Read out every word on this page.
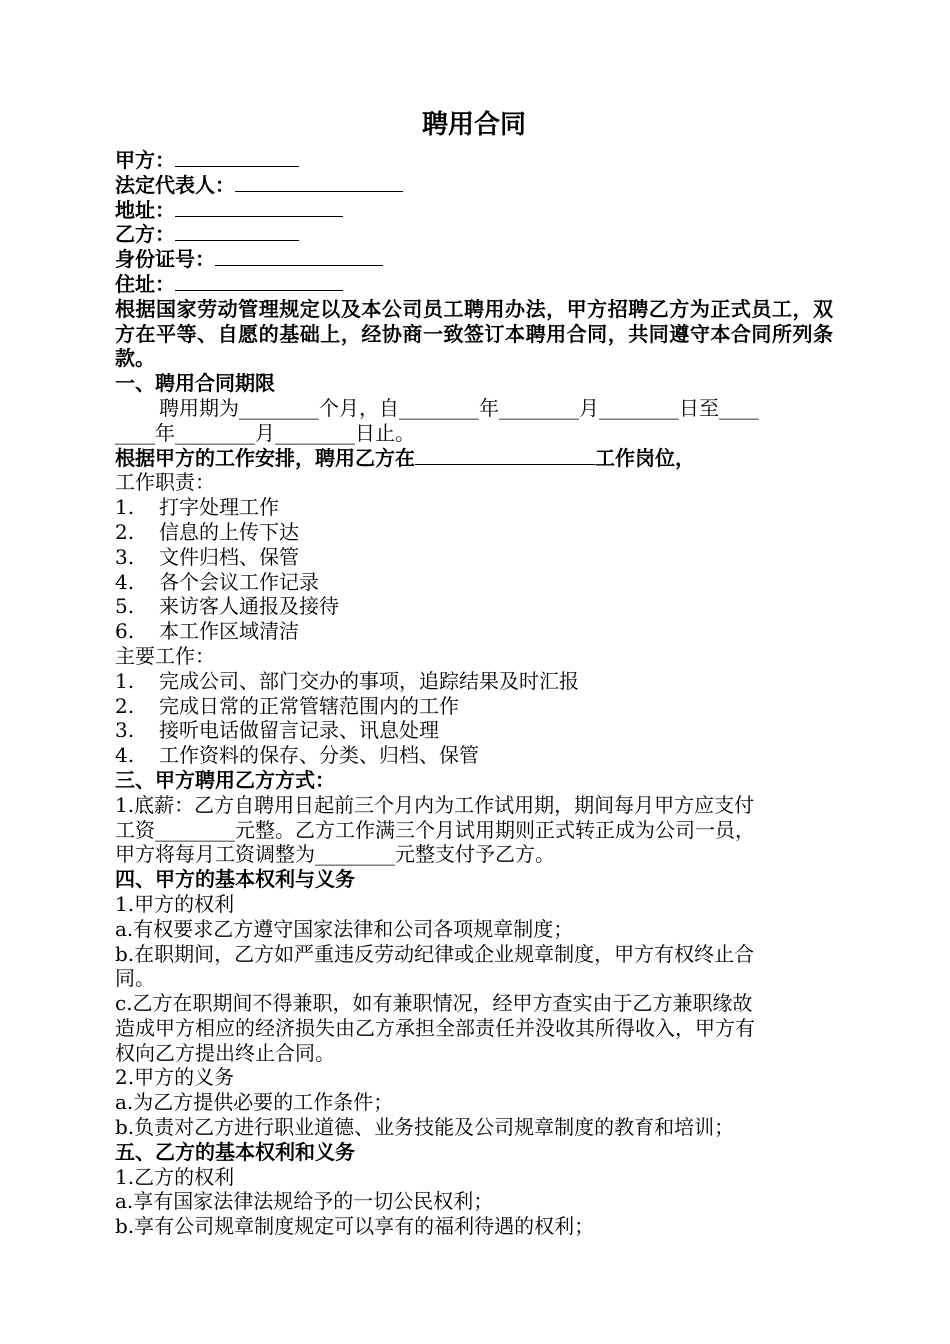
聘用合同
甲方：
法定代表人：
地址：
乙方：
身份证号：
住址：
根据国家劳动管理规定以及本公司员工聘用办法，甲方招聘乙方为正式员工，双方在平等、自愿的基础上，经协商一致签订本聘用合同，共同遵守本合同所列条款。
一、聘用合同期限
聘用期为________个月，自________年________月________日至____
____年________月________日止。
根据甲方的工作安排，聘用乙方在	工作岗位，
工作职责：
1. 打字处理工作
2. 信息的上传下达
3. 文件归档、保管
4. 各个会议工作记录
5. 来访客人通报及接待
6. 本工作区域清洁
主要工作：
1. 完成公司、部门交办的事项，追踪结果及时汇报
2. 完成日常的正常管辖范围内的工作
3. 接听电话做留言记录、讯息处理
4. 工作资料的保存、分类、归档、保管
三、甲方聘用乙方方式：
1.底薪：乙方自聘用日起前三个月内为工作试用期，期间每月甲方应支付
工资________元整。乙方工作满三个月试用期则正式转正成为公司一员，
甲方将每月工资调整为________元整支付予乙方。
四、甲方的基本权利与义务
1.甲方的权利
a.有权要求乙方遵守国家法律和公司各项规章制度；
b.在职期间，乙方如严重违反劳动纪律或企业规章制度，甲方有权终止合
同。
c.乙方在职期间不得兼职，如有兼职情况，经甲方查实由于乙方兼职缘故
造成甲方相应的经济损失由乙方承担全部责任并没收其所得收入，甲方有
权向乙方提出终止合同。
2.甲方的义务
a.为乙方提供必要的工作条件；
b.负责对乙方进行职业道德、业务技能及公司规章制度的教育和培训；
五、乙方的基本权利和义务
1.乙方的权利
a.享有国家法律法规给予的一切公民权利；
b.享有公司规章制度规定可以享有的福利待遇的权利；
